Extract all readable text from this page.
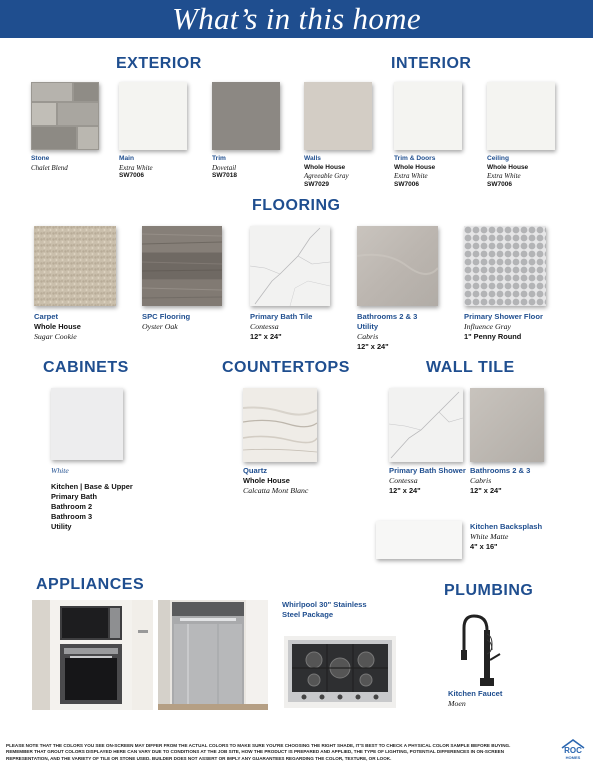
What’s in this home
EXTERIOR	INTERIOR
FLOORING
CABINETS	COUNTERTOPS	WALL TILE
APPLIANCES	PLUMBING
Stone
Chalet Blend
Main
Extra White
SW7006
Trim
Dovetail
SW7018
Walls
Whole House
Agreeable Gray
SW7029
Trim & Doors
Whole House
Extra White
SW7006
Ceiling
Whole House
Extra White
SW7006
Carpet
Whole House
Sugar Cookie
SPC Flooring
Oyster Oak
Primary Bath Tile
Contessa
12" x 24"
Bathrooms 2 & 3
Utility
Cabris
12" x 24"
Primary Shower Floor
Influence Gray
1" Penny Round
White
Kitchen | Base & Upper
Primary Bath
Bathroom 2
Bathroom 3
Utility
Quartz
Whole House
Calcatta Mont Blanc
Primary Bath Shower
Contessa
12" x 24"
Bathrooms 2 & 3
Cabris
12" x 24"
Kitchen Backsplash
White Matte
4" x 16"
Whirlpool 30" Stainless Steel Package
Kitchen Faucet
Moen
PLEASE NOTE THAT THE COLORS YOU SEE ON-SCREEN MAY DIFFER FROM THE ACTUAL COLORS TO MAKE SURE YOU'RE CHOOSING THE RIGHT SHADE, IT'S BEST TO CHECK A PHYSICAL COLOR SAMPLE BEFORE BUYING. REMEMBER THAT GROUT COLORS DISPLAYED HERE CAN VARY DUE TO CONDITIONS AT THE JOB SITE, HOW THE PRODUCT IS PREPARED AND APPLIED, THE TYPE OF LIGHTING, POTENTIAL DIFFERENCES IN ON-SCREEN REPRESENTATION, AND THE VARIETY OF TILE OR STONE USED. BUILDER DOES NOT ASSERT OR IMPLY ANY GUARANTEES REGARDING THE COLOR, TEXTURE, OR LOOK.
ROC
HOMES
